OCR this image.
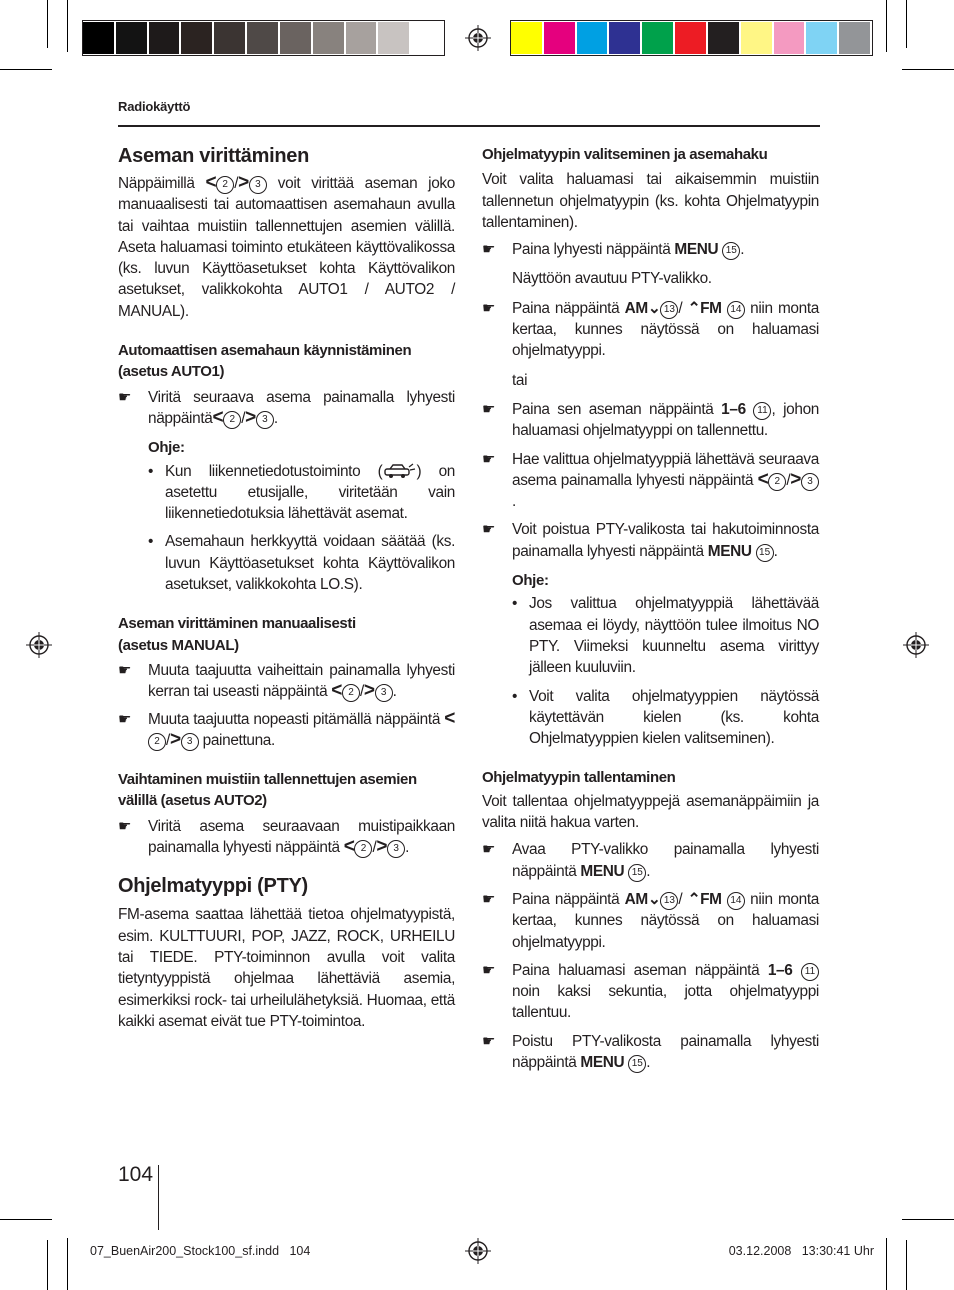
Radiokäyttö
Aseman virittäminen

Näppäimillä < 2 /> 3 voit virittää aseman joko manuaalisesti tai automaattisen asemahaun avulla tai vaihtaa muistiin tallennettujen asemien välillä. Aseta haluamasi toiminto etukäteen käyttövalikossa (ks. luvun Käyttöasetukset kohta Käyttövalikon asetukset, valikkokohta AUTO1 / AUTO2 / MANUAL).

Automaattisen asemahaun käynnistäminen (asetus AUTO1)

☛ Viritä seuraava asema painamalla lyhyesti näppäintä< 2 /> 3 .

Ohje:

• Kun liikennetiedotustoiminto ( ) on asetettu etusijalle, viritetään vain liikennetiedotuksia lähettävät asemat.
• Asemahaun herkkyyttä voidaan säätää (ks. luvun Käyttöasetukset kohta Käyttövalikon asetukset, valikkokohta LO.S).

Aseman virittäminen manuaalisesti (asetus MANUAL)

☛ Muuta taajuutta vaiheittain painamalla lyhyesti kerran tai useasti näppäintä < 2 /> 3 .
☛ Muuta taajuutta nopeasti pitämällä näppäintä <2 /> 3 painettuna.

Vaihtaminen muistiin tallennettujen asemien välillä (asetus AUTO2)

☛ Viritä asema seuraavaan muistipaikkaan painamalla lyhyesti näppäintä < 2 /> 3 .
Ohjelmatyyppi (PTY)

FM-asema saattaa lähettää tietoa ohjelmatyypistä, esim. KULTTUURI, POP, JAZZ, ROCK, URHEILU tai TIEDE. PTY-toiminnon avulla voit valita tietyntyyppistä ohjelmaa lähettäviä asemia, esimerkiksi rock- tai urheilulähetyksiä. Huomaa, että kaikki asemat eivät tue PTY-toimintoa.

Ohjelmatyypin valitseminen ja asemahaku

Voit valita haluamasi tai aikaisemmin muistiin tallennetun ohjelmatyypin (ks. kohta Ohjelmatyypin tallentaminen).

☛ Paina lyhyesti näppäintä MENU 15 .

Näyttöön avautuu PTY-valikko.

☛ Paina näppäintä AM⌄ 13 / ⌃FM 14 niin monta kertaa, kunnes näytössä on haluamasi ohjelmatyyppi.

tai

☛ Paina sen aseman näppäintä 1–6 11 , johon haluamasi ohjelmatyyppi on tallennettu.
☛ Hae valittua ohjelmatyyppiä lähettävä seuraava asema painamalla lyhyesti näppäintä < 2 /> 3.
☛ Voit poistua PTY-valikosta tai hakutoiminnosta painamalla lyhyesti näppäintä MENU 15 .

Ohje:

• Jos valittua ohjelmatyyppiä lähettävää asemaa ei löydy, näyttöön tulee ilmoitus NO PTY. Viimeksi kuunneltu asema virittyy jälleen kuuluviin.
• Voit valita ohjelmatyyppien näytössä käytettävän kielen (ks. kohta Ohjelmatyyppien kielen valitseminen).

Ohjelmatyypin tallentaminen

Voit tallentaa ohjelmatyyppejä asemanäppäimiin ja valita niitä hakua varten.

☛ Avaa PTY-valikko painamalla lyhyesti näppäintä MENU 15 .
☛ Paina näppäintä AM⌄ 13 / ⌃FM 14 niin monta kertaa, kunnes näytössä on haluamasi ohjelmatyyppi.
☛ Paina haluamasi aseman näppäintä 1–6 11 noin kaksi sekuntia, jotta ohjelmatyyppi tallentuu.
☛ Poistu PTY-valikosta painamalla lyhyesti näppäintä MENU 15 .
104
07_BuenAir200_Stock100_sf.indd   104	03.12.2008   13:30:41 Uhr
